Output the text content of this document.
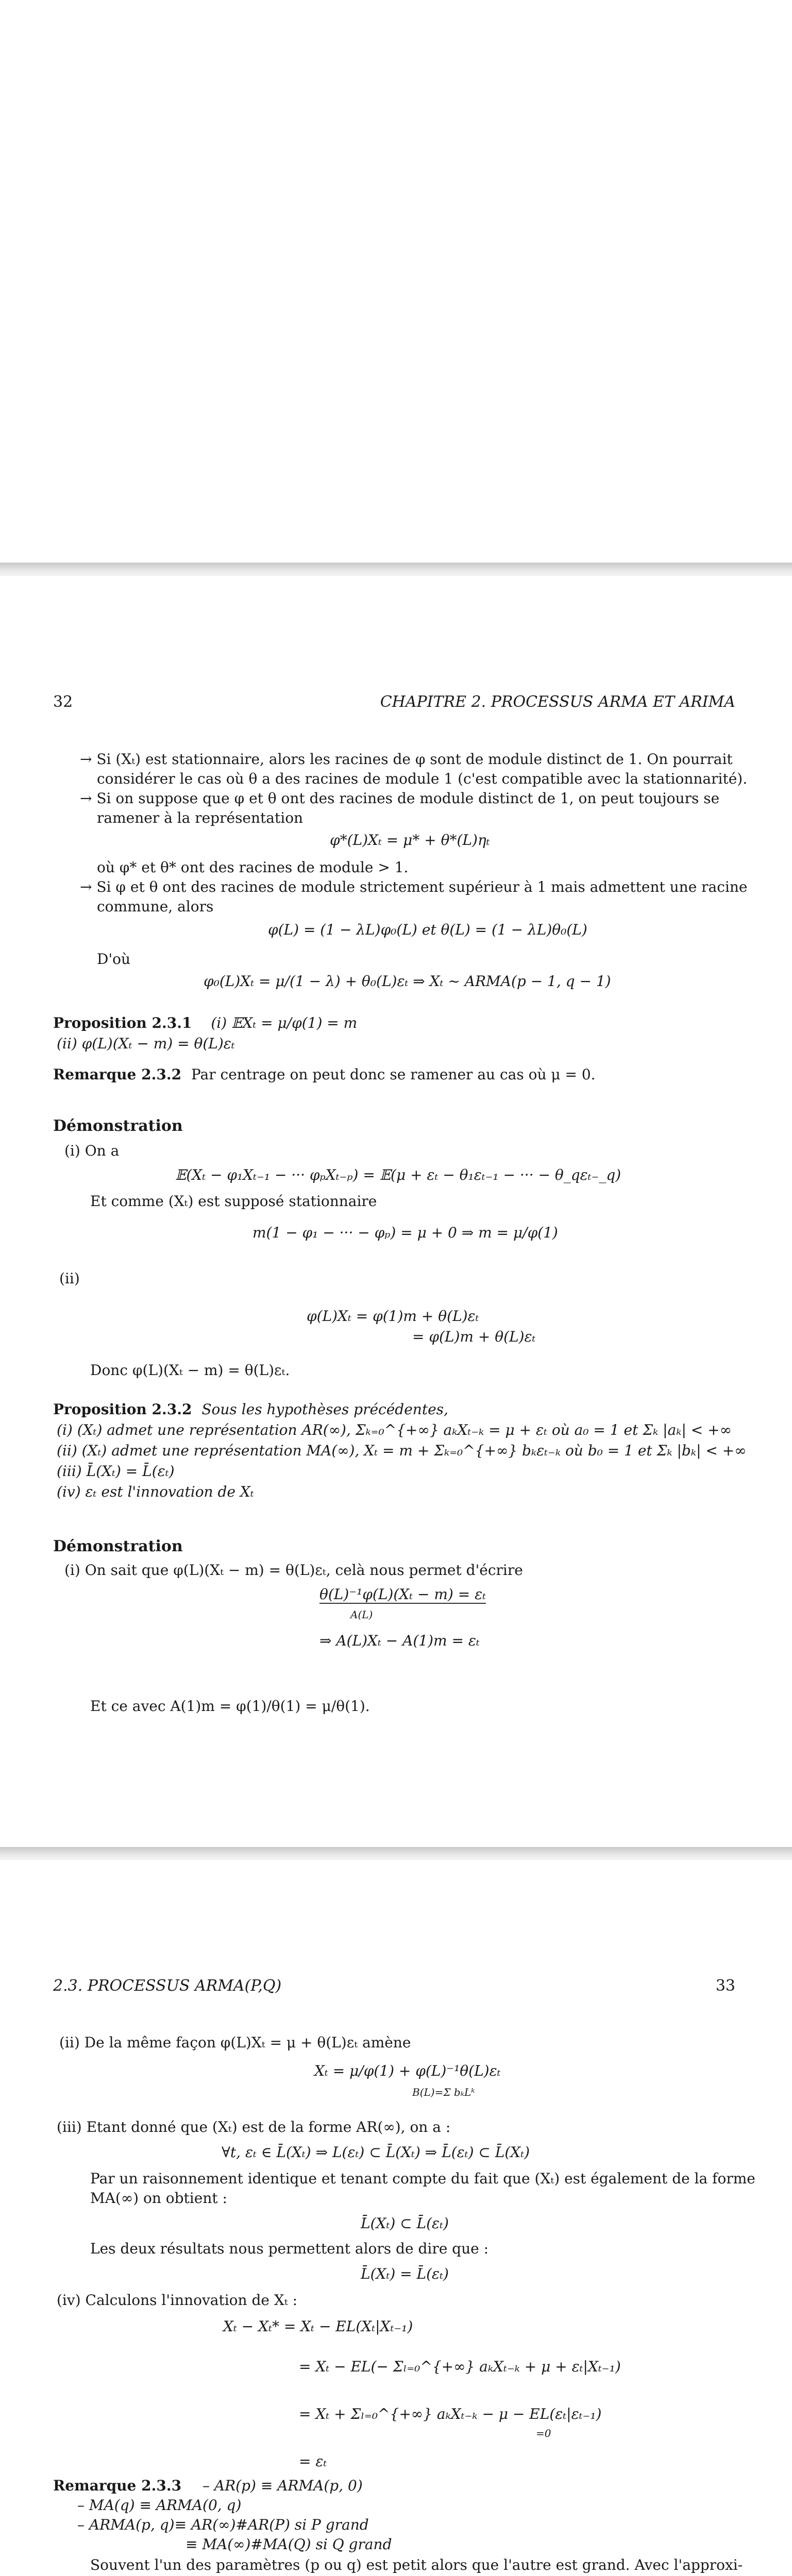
32	CHAPITRE 2. PROCESSUS ARMA ET ARIMA
→ Si (Xₜ) est stationnaire, alors les racines de φ sont de module distinct de 1. On pourrait
considérer le cas où θ a des racines de module 1 (c'est compatible avec la stationnarité).
→ Si on suppose que φ et θ ont des racines de module distinct de 1, on peut toujours se
ramener à la représentation
φ*(L)Xₜ = μ* + θ*(L)ηₜ
où φ* et θ* ont des racines de module > 1.
→ Si φ et θ ont des racines de module strictement supérieur à 1 mais admettent une racine
commune, alors
φ(L) = (1 − λL)φ₀(L) et θ(L) = (1 − λL)θ₀(L)
D'où
φ₀(L)Xₜ = μ/(1 − λ) + θ₀(L)εₜ ⇒ Xₜ ~ ARMA(p − 1, q − 1)
Proposition 2.3.1 (i) 𝔼Xₜ = μ/φ(1) = m
(ii) φ(L)(Xₜ − m) = θ(L)εₜ
Remarque 2.3.2 Par centrage on peut donc se ramener au cas où μ = 0.
Démonstration
(i) On a
𝔼(Xₜ − φ₁Xₜ₋₁ − ··· φₚXₜ₋ₚ) = 𝔼(μ + εₜ − θ₁εₜ₋₁ − ··· − θ_qεₜ₋_q)
Et comme (Xₜ) est supposé stationnaire
m(1 − φ₁ − ··· − φₚ) = μ + 0 ⇒ m = μ/φ(1)
(ii)
φ(L)Xₜ = φ(1)m + θ(L)εₜ
= φ(L)m + θ(L)εₜ
Donc φ(L)(Xₜ − m) = θ(L)εₜ.
Proposition 2.3.2 Sous les hypothèses précédentes,
(i) (Xₜ) admet une représentation AR(∞), Σₖ₌₀^{+∞} aₖXₜ₋ₖ = μ + εₜ où a₀ = 1 et Σₖ |aₖ| < +∞
(ii) (Xₜ) admet une représentation MA(∞), Xₜ = m + Σₖ₌₀^{+∞} bₖεₜ₋ₖ où b₀ = 1 et Σₖ |bₖ| < +∞
(iii) L̄(Xₜ) = L̄(εₜ)
(iv) εₜ est l'innovation de Xₜ
Démonstration
(i) On sait que φ(L)(Xₜ − m) = θ(L)εₜ, celà nous permet d'écrire
θ(L)⁻¹φ(L)(Xₜ − m) = εₜ
A(L)
⇒ A(L)Xₜ − A(1)m = εₜ
Et ce avec A(1)m = φ(1)/θ(1) = μ/θ(1).
2.3. PROCESSUS ARMA(P,Q)	33
(ii) De la même façon φ(L)Xₜ = μ + θ(L)εₜ amène
Xₜ = μ/φ(1) + φ(L)⁻¹θ(L)εₜ
B(L)=Σ bₖLᵏ
(iii) Etant donné que (Xₜ) est de la forme AR(∞), on a :
∀t, εₜ ∈ L̄(Xₜ) ⇒ L(εₜ) ⊂ L̄(Xₜ) ⇒ L̄(εₜ) ⊂ L̄(Xₜ)
Par un raisonnement identique et tenant compte du fait que (Xₜ) est également de la forme
MA(∞) on obtient :
L̄(Xₜ) ⊂ L̄(εₜ)
Les deux résultats nous permettent alors de dire que :
L̄(Xₜ) = L̄(εₜ)
(iv) Calculons l'innovation de Xₜ :
Xₜ − Xₜ* = Xₜ − EL(Xₜ|Xₜ₋₁)
= Xₜ − EL(− Σₗ₌₀^{+∞} aₖXₜ₋ₖ + μ + εₜ|Xₜ₋₁)
= Xₜ + Σₗ₌₀^{+∞} aₖXₜ₋ₖ − μ − EL(εₜ|εₜ₋₁)
=0
= εₜ
Remarque 2.3.3 – AR(p) ≡ ARMA(p, 0)
– MA(q) ≡ ARMA(0, q)
– ARMA(p, q)≡ AR(∞)#AR(P) si P grand
≡ MA(∞)#MA(Q) si Q grand
Souvent l'un des paramètres (p ou q) est petit alors que l'autre est grand. Avec l'approxi-
